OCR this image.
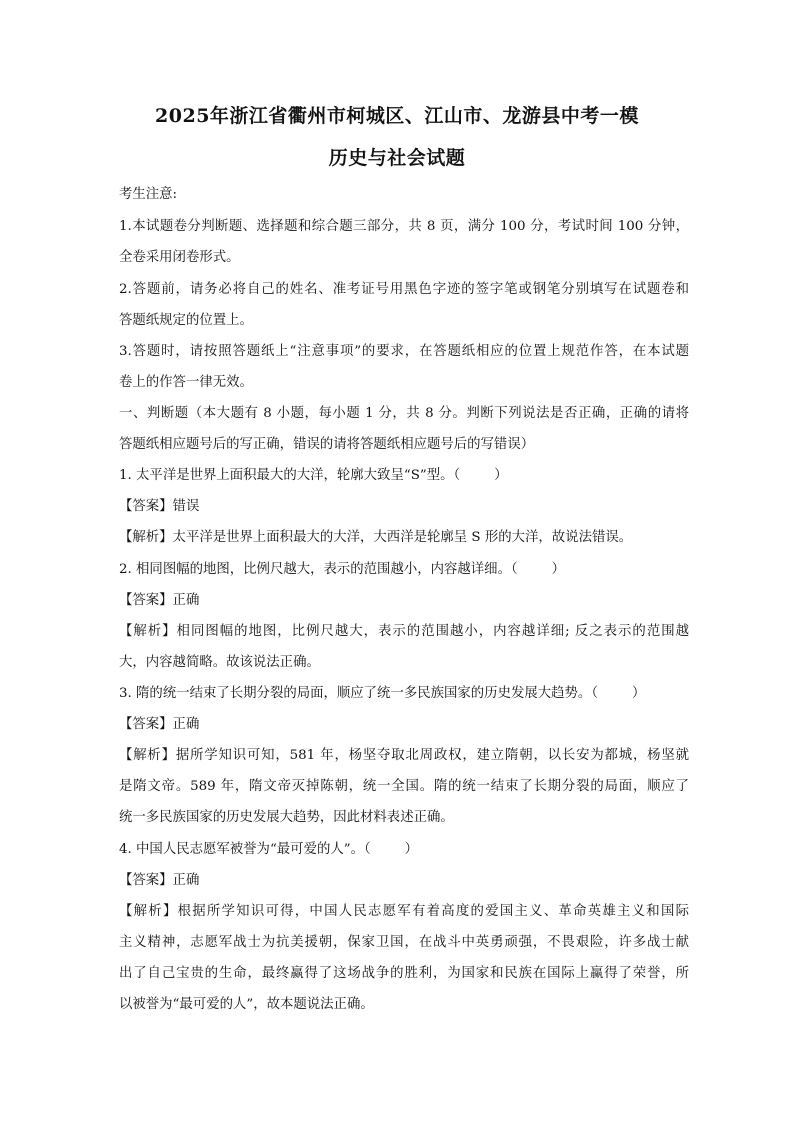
2025年浙江省衢州市柯城区、江山市、龙游县中考一模
历史与社会试题
考生注意:
1.本试题卷分判断题、选择题和综合题三部分，共 8 页，满分 100 分，考试时间 100 分钟，
全卷采用闭卷形式。
2.答题前，请务必将自己的姓名、准考证号用黑色字迹的签字笔或钢笔分别填写在试题卷和
答题纸规定的位置上。
3.答题时，请按照答题纸上“注意事项”的要求，在答题纸相应的位置上规范作答，在本试题
卷上的作答一律无效。
一、判断题（本大题有 8 小题，每小题 1 分，共 8 分。判断下列说法是否正确，正确的请将
答题纸相应题号后的写正确，错误的请将答题纸相应题号后的写错误）
1. 太平洋是世界上面积最大的大洋，轮廓大致呈“S”型。（	）
【答案】错误
【解析】太平洋是世界上面积最大的大洋，大西洋是轮廓呈 S 形的大洋，故说法错误。
2. 相同图幅的地图，比例尺越大，表示的范围越小，内容越详细。（	）
【答案】正确
【解析】相同图幅的地图，比例尺越大，表示的范围越小，内容越详细; 反之表示的范围越
大，内容越简略。故该说法正确。
3. 隋的统一结束了长期分裂的局面，顺应了统一多民族国家的历史发展大趋势。（	）
【答案】正确
【解析】据所学知识可知，581 年，杨坚夺取北周政权，建立隋朝，以长安为都城，杨坚就
是隋文帝。589 年，隋文帝灭掉陈朝，统一全国。隋的统一结束了长期分裂的局面，顺应了
统一多民族国家的历史发展大趋势，因此材料表述正确。
4. 中国人民志愿军被誉为“最可爱的人”。（	）
【答案】正确
【解析】根据所学知识可得，中国人民志愿军有着高度的爱国主义、革命英雄主义和国际
主义精神，志愿军战士为抗美援朝，保家卫国，在战斗中英勇顽强，不畏艰险，许多战士献
出了自己宝贵的生命，最终赢得了这场战争的胜利，为国家和民族在国际上赢得了荣誉，所
以被誉为“最可爱的人”，故本题说法正确。
